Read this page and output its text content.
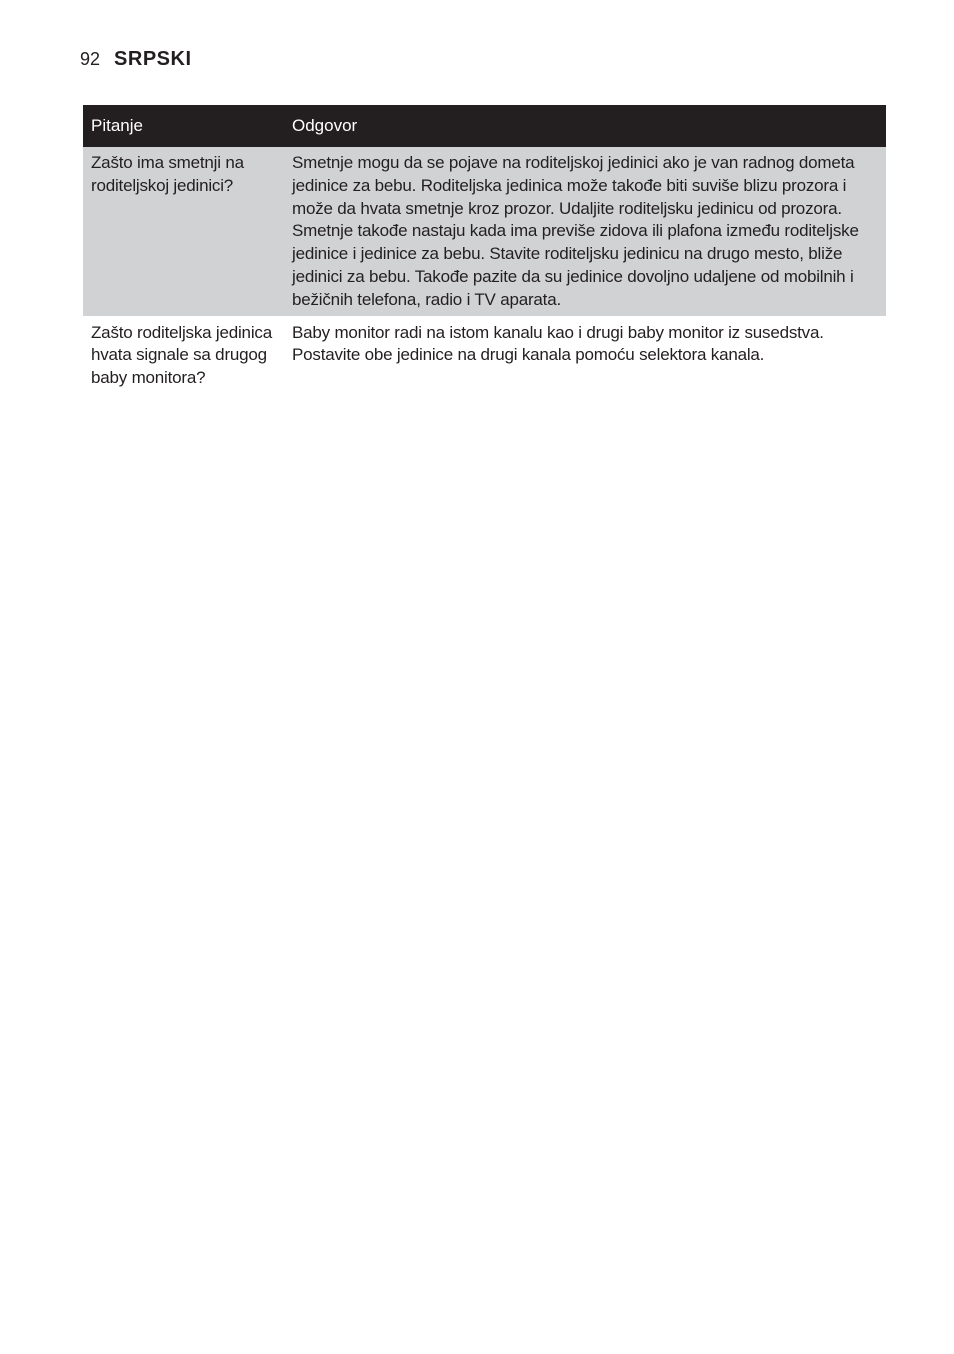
92 SRPSKI
Pitanje	Odgovor
Zašto ima smetnji na roditeljskoj jedinici?	Smetnje mogu da se pojave na roditeljskoj jedinici ako je van radnog dometa jedinice za bebu. Roditeljska jedinica može takođe biti suviše blizu prozora i može da hvata smetnje kroz prozor. Udaljite roditeljsku jedinicu od prozora. Smetnje takođe nastaju kada ima previše zidova ili plafona između roditeljske jedinice i jedinice za bebu. Stavite roditeljsku jedinicu na drugo mesto, bliže jedinici za bebu. Takođe pazite da su jedinice dovoljno udaljene od mobilnih i bežičnih telefona, radio i TV aparata.
Zašto roditeljska jedinica hvata signale sa drugog baby monitora?	Baby monitor radi na istom kanalu kao i drugi baby monitor iz susedstva. Postavite obe jedinice na drugi kanala pomoću selektora kanala.
